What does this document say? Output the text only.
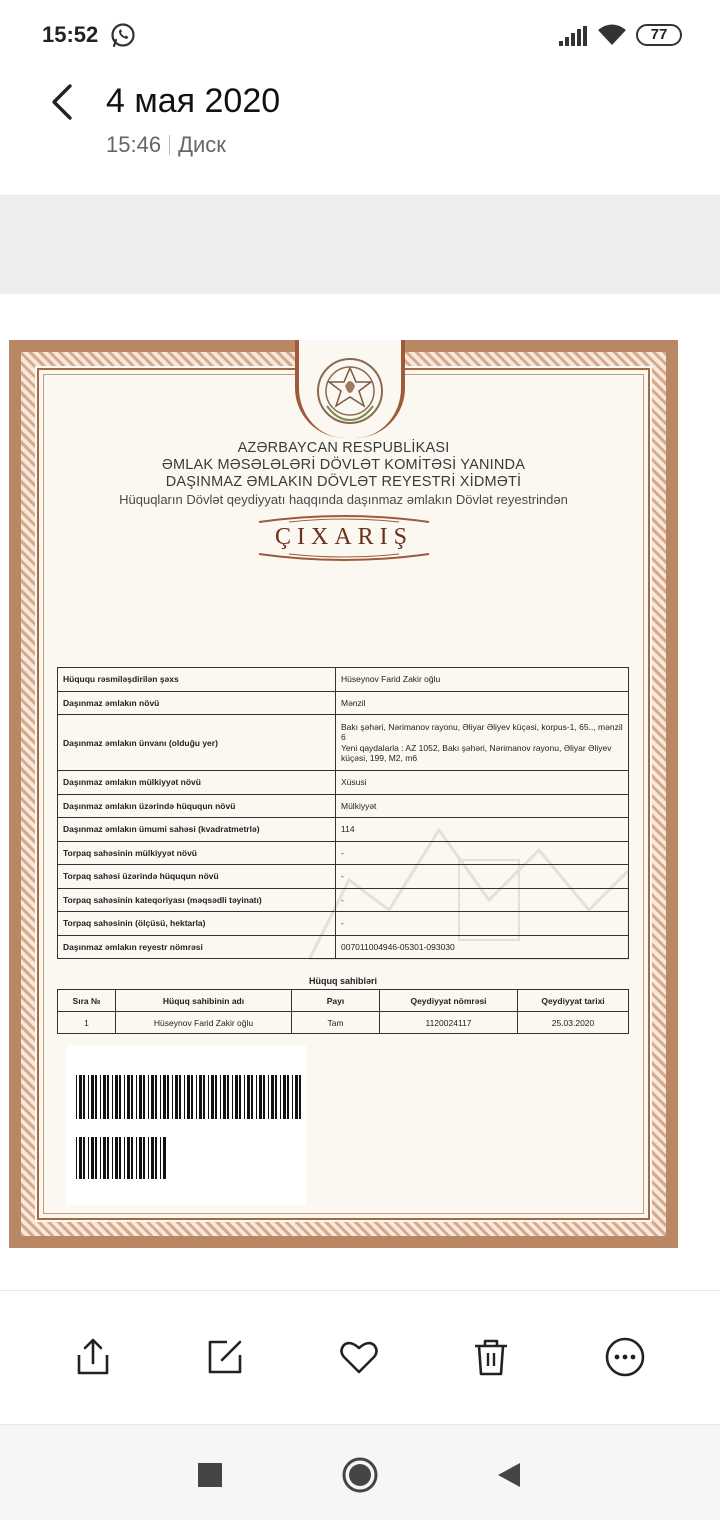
15:52	77
4 мая 2020
15:46 Диск
AZƏRBAYCAN RESPUBLİKASI
ƏMLAK MƏSƏLƏLƏRİ DÖVLƏT KOMİTƏSİ YANINDA
DAŞINMAZ ƏMLAKIN DÖVLƏT REYESTRİ XİDMƏTİ
Hüquqların Dövlət qeydiyyatı haqqında daşınmaz əmlakın Dövlət reyestrindən
ÇIXARIŞ
Hüququ rəsmiləşdirilən şəxs	Hüseynov Farid Zakir oğlu
Daşınmaz əmlakın növü	Mənzil
Daşınmaz əmlakın ünvanı (olduğu yer)	Bakı şəhəri, Nərimanov rayonu, Əliyar Əliyev küçəsi, korpus-1, 65.., mənzil 6
Yeni qaydalarla : AZ 1052, Bakı şəhəri, Nərimanov rayonu, Əliyar Əliyev küçəsi, 199, M2, m6

Daşınmaz əmlakın mülkiyyət növü	Xüsusi
Daşınmaz əmlakın üzərində hüququn növü	Mülkiyyət
Daşınmaz əmlakın ümumi sahəsi (kvadratmetrlə)	114
Torpaq sahəsinin mülkiyyət növü	-
Torpaq sahəsi üzərində hüququn növü	-
Torpaq sahəsinin kateqoriyası (məqsədli təyinatı)	-
Torpaq sahəsinin (ölçüsü, hektarla)	-
Daşınmaz əmlakın reyestr nömrəsi	007011004946-05301-093030
Hüquq sahibləri
Sıra №	Hüquq sahibinin adı	Payı	Qeydiyyat nömrəsi	Qeydiyyat tarixi
1	Hüseynov Farid Zakir oğlu	Tam	1120024117	25.03.2020
